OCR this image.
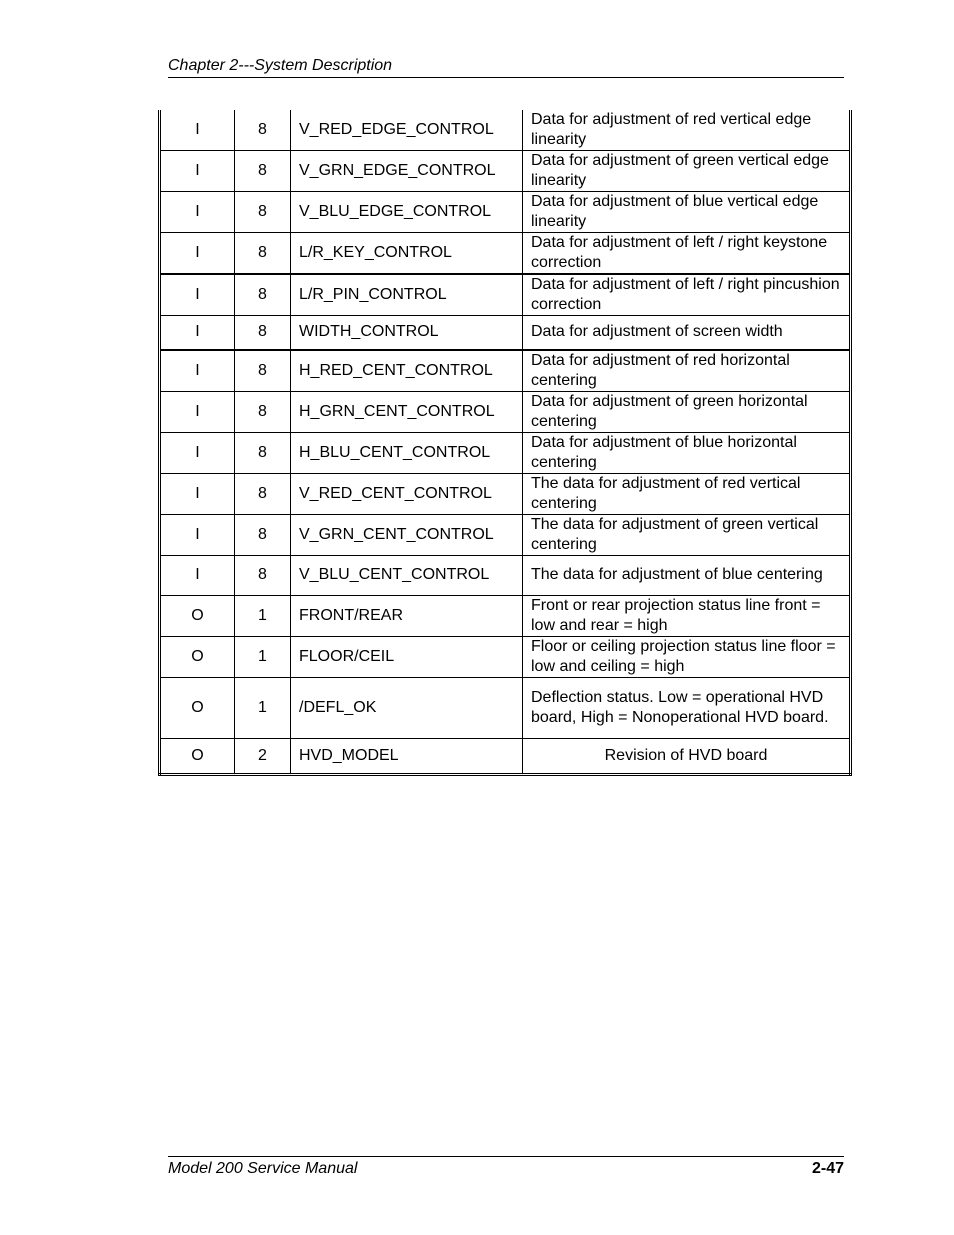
Chapter 2---System Description
I	8	V_RED_EDGE_CONTROL	Data for adjustment of red vertical edge linearity
I	8	V_GRN_EDGE_CONTROL	Data for adjustment of green vertical edge linearity
I	8	V_BLU_EDGE_CONTROL	Data for adjustment of blue vertical edge linearity
I	8	L/R_KEY_CONTROL	Data for adjustment of left / right keystone correction
I	8	L/R_PIN_CONTROL	Data for adjustment of left / right pincushion correction
I	8	WIDTH_CONTROL	Data for adjustment of screen width
I	8	H_RED_CENT_CONTROL	Data for adjustment of red horizontal centering
I	8	H_GRN_CENT_CONTROL	Data for adjustment of green horizontal centering
I	8	H_BLU_CENT_CONTROL	Data for adjustment of blue horizontal centering
I	8	V_RED_CENT_CONTROL	The data for adjustment of red vertical centering
I	8	V_GRN_CENT_CONTROL	The data for adjustment of green vertical centering
I	8	V_BLU_CENT_CONTROL	The data for adjustment of blue centering
O	1	FRONT/REAR	Front or rear projection status line front = low and rear = high
O	1	FLOOR/CEIL	Floor or ceiling projection status line floor = low and ceiling = high
O	1	/DEFL_OK	Deflection status. Low = operational HVD board, High = Nonoperational HVD board.
O	2	HVD_MODEL	Revision of HVD board
Model 200 Service Manual	2-47
